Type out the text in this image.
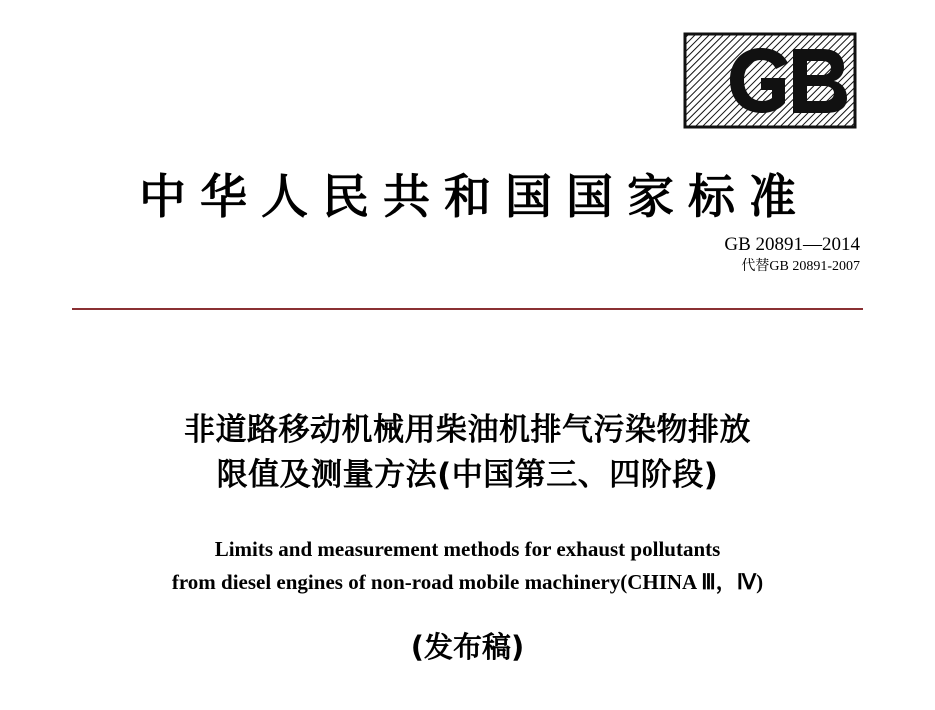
中华人民共和国国家标准
GB 20891—2014
代替GB 20891-2007
非道路移动机械用柴油机排气污染物排放
限值及测量方法(中国第三、四阶段)
Limits and measurement methods for exhaust pollutants
from diesel engines of non-road mobile machinery(CHINA Ⅲ，Ⅳ)
(发布稿)
